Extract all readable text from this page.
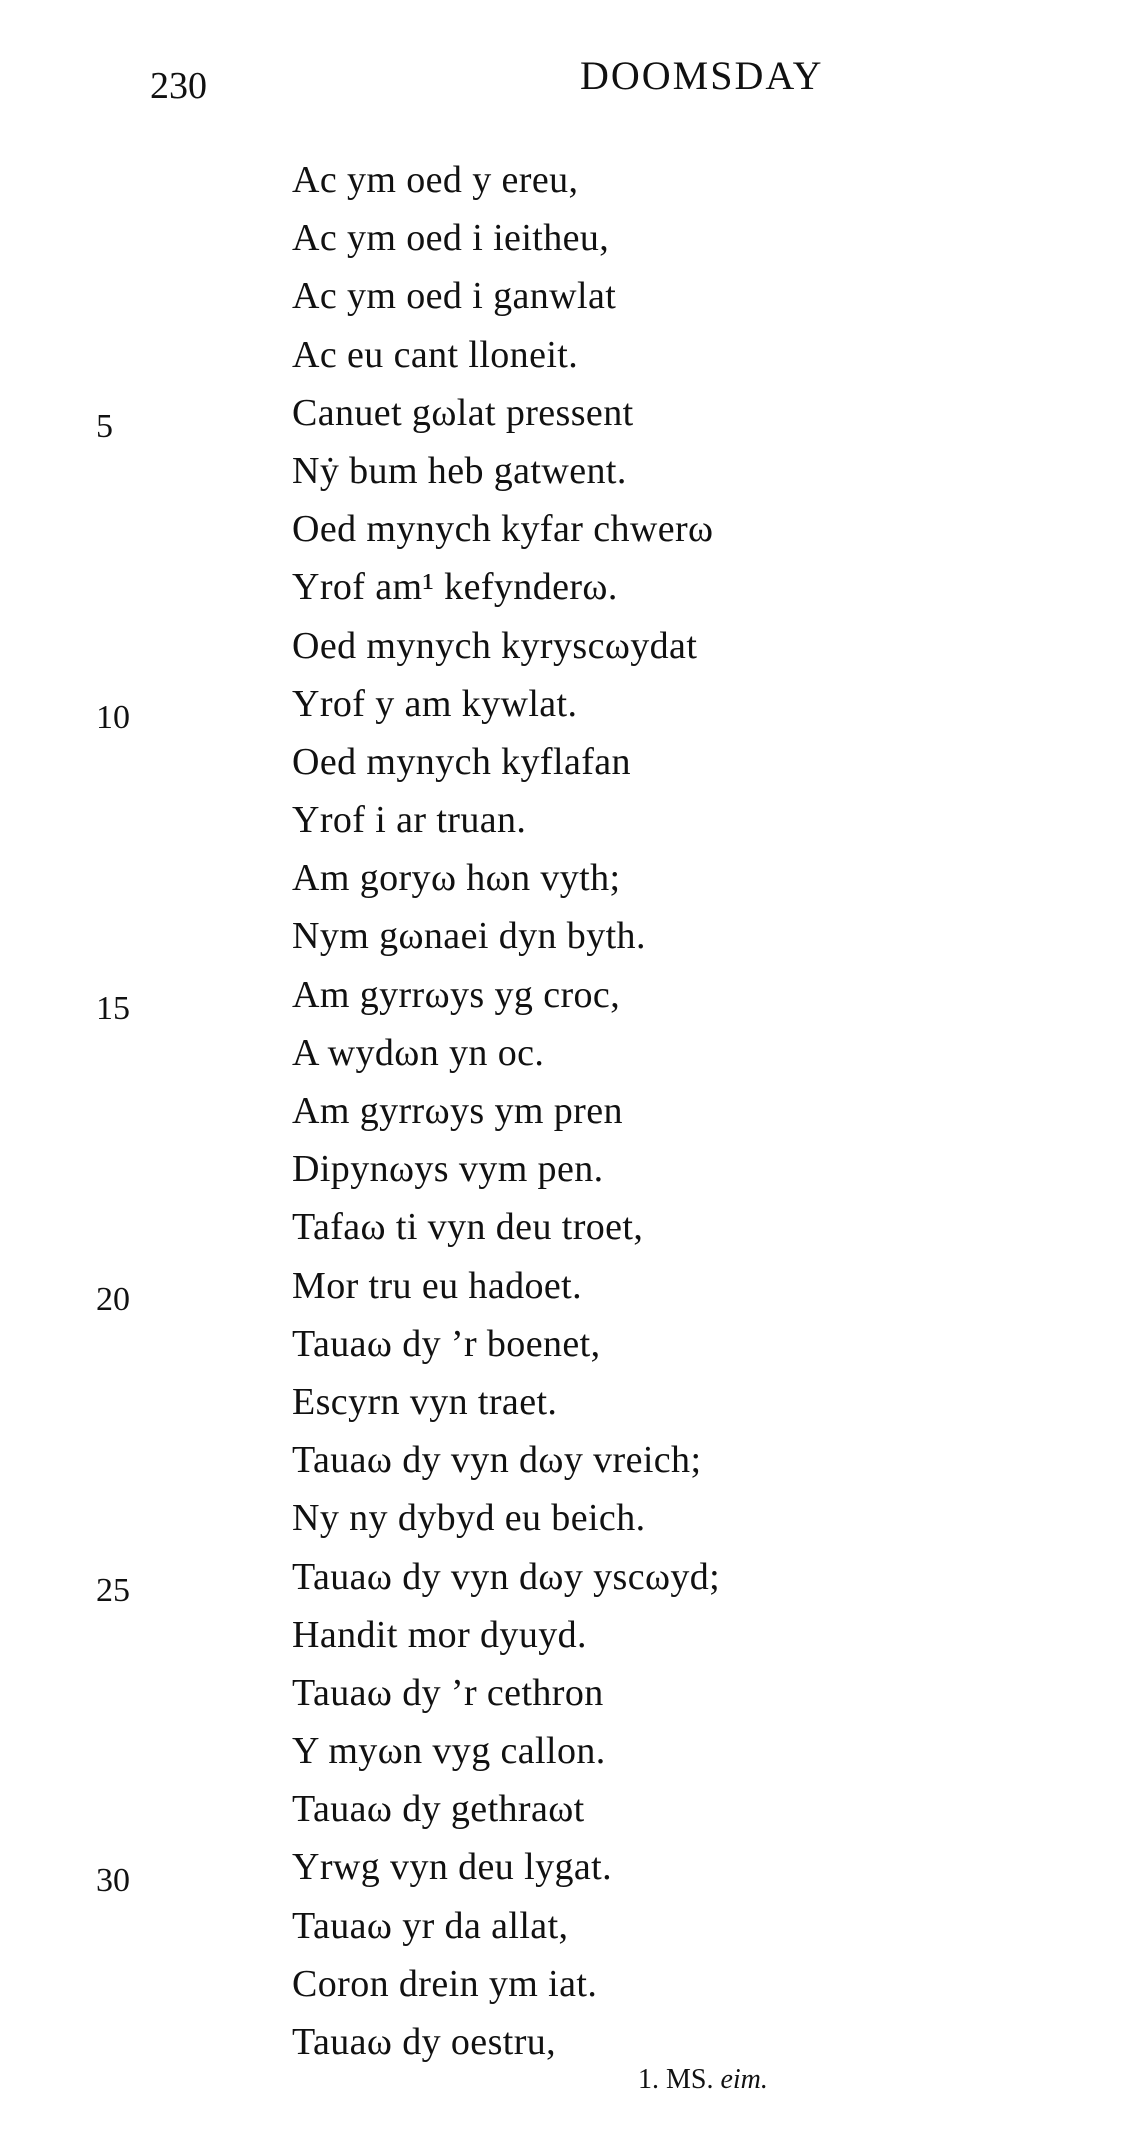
230	DOOMSDAY
Ac ym oed y ereu,
Ac ym oed i ieitheu,
Ac ym oed i ganwlat
Ac eu cant lloneit.
5	Canuet gωlat pressent
Nẏ bum heb gatwent.
Oed mynych kyfar chwerω
Yrof am¹ kefynderω.
Oed mynych kyryscωydat
10	Yrof y am kywlat.
Oed mynych kyflafan
Yrof i ar truan.
Am goryω hωn vyth;
Nym gωnaei dyn byth.
15	Am gyrrωys yg croc,
A wydωn yn oc.
Am gyrrωys ym pren
Dipynωys vym pen.
Tafaω ti vyn deu troet,
20	Mor tru eu hadoet.
Tauaω dy ’r boenet,
Escyrn vyn traet.
Tauaω dy vyn dωy vreich;
Ny ny dybyd eu beich.
25	Tauaω dy vyn dωy yscωyd;
Handit mor dyuyd.
Tauaω dy ’r cethron
Y myωn vyg callon.
Tauaω dy gethraωt
30	Yrwg vyn deu lygat.
Tauaω yr da allat,
Coron drein ym iat.
Tauaω dy oestru,
1. MS. eim.
